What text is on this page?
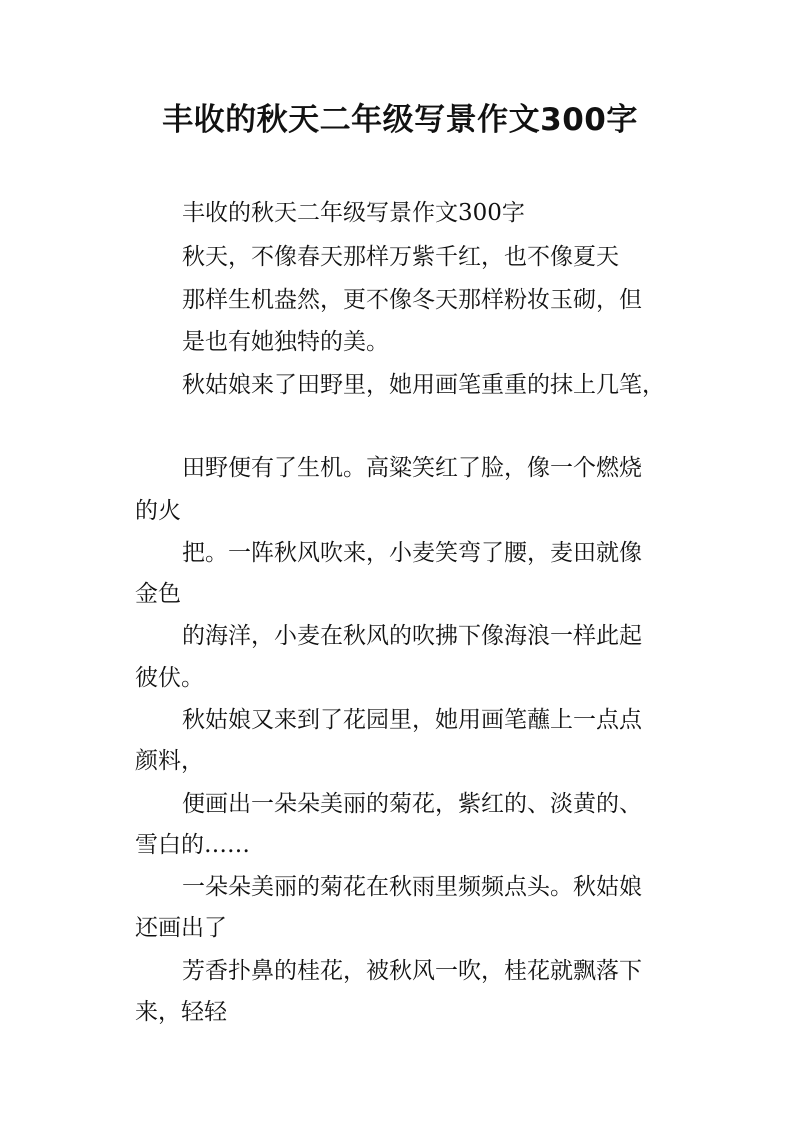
丰收的秋天二年级写景作文300字

丰收的秋天二年级写景作文300字

秋天，不像春天那样万紫千红，也不像夏天

那样生机盎然，更不像冬天那样粉妆玉砌，但

是也有她独特的美。

秋姑娘来了田野里，她用画笔重重的抹上几笔，

田野便有了生机。高粱笑红了脸，像一个燃烧

的火

把。一阵秋风吹来，小麦笑弯了腰，麦田就像

金色

的海洋，小麦在秋风的吹拂下像海浪一样此起

彼伏。

秋姑娘又来到了花园里，她用画笔蘸上一点点

颜料，

便画出一朵朵美丽的菊花，紫红的、淡黄的、

雪白的……

一朵朵美丽的菊花在秋雨里频频点头。秋姑娘

还画出了

芳香扑鼻的桂花，被秋风一吹，桂花就飘落下

来，轻轻
